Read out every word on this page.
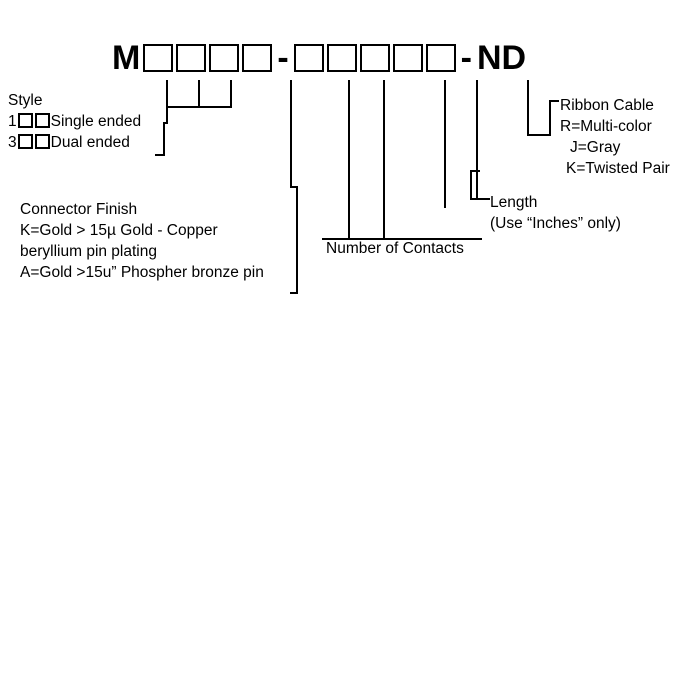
M	-	- ND
Style
1 Single ended
3 Dual ended
Connector Finish
K=Gold > 15µ Gold - Copper
beryllium pin plating
A=Gold >15u” Phospher bronze pin
Number of Contacts
Length
(Use “Inches” only)
Ribbon Cable
R=Multi-color
J=Gray
K=Twisted Pair
